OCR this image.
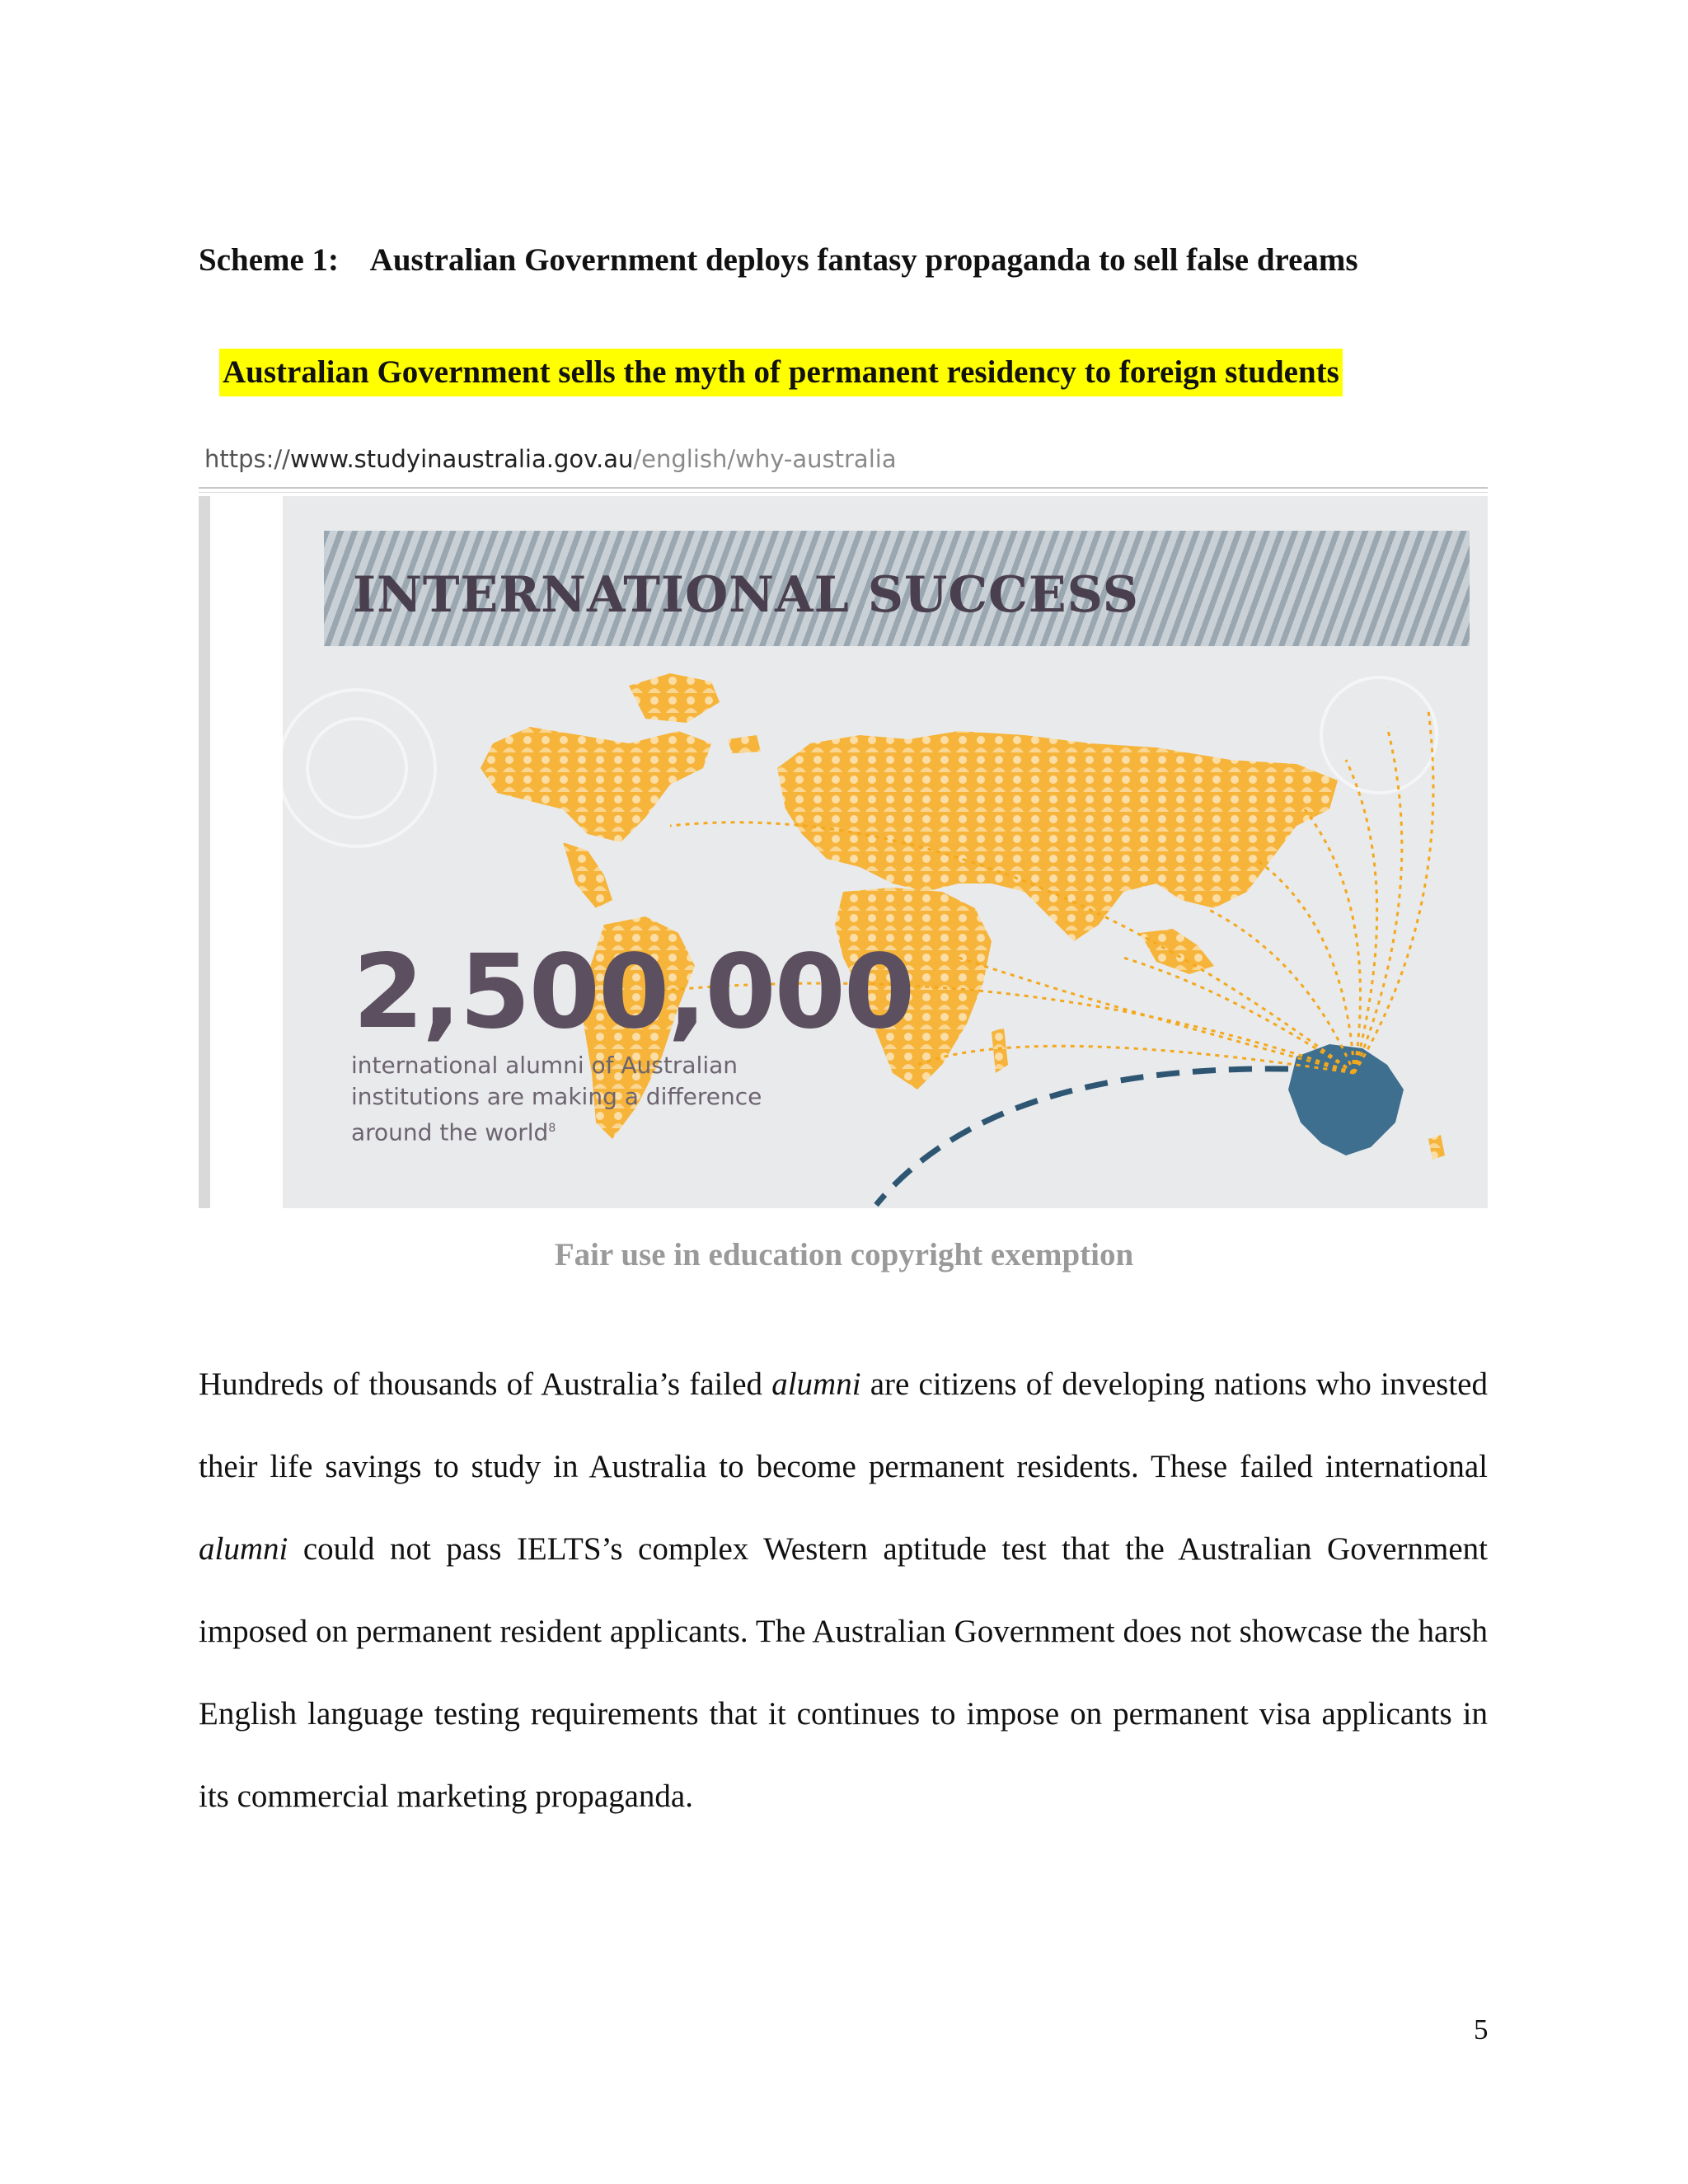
Scheme 1: Australian Government deploys fantasy propaganda to sell false dreams
Australian Government sells the myth of permanent residency to foreign students
https://www.studyinaustralia.gov.au/english/why-australia
INTERNATIONAL SUCCESS
2,500,000
international alumni of Australian institutions are making a difference around the world$^8$
Fair use in education copyright exemption

Hundreds of thousands of Australia’s failed alumni are citizens of developing nations who invested their life savings to study in Australia to become permanent residents. These failed international alumni could not pass IELTS’s complex Western aptitude test that the Australian Government imposed on permanent resident applicants. The Australian Government does not showcase the harsh English language testing requirements that it continues to impose on permanent visa applicants in its commercial marketing propaganda.

5
